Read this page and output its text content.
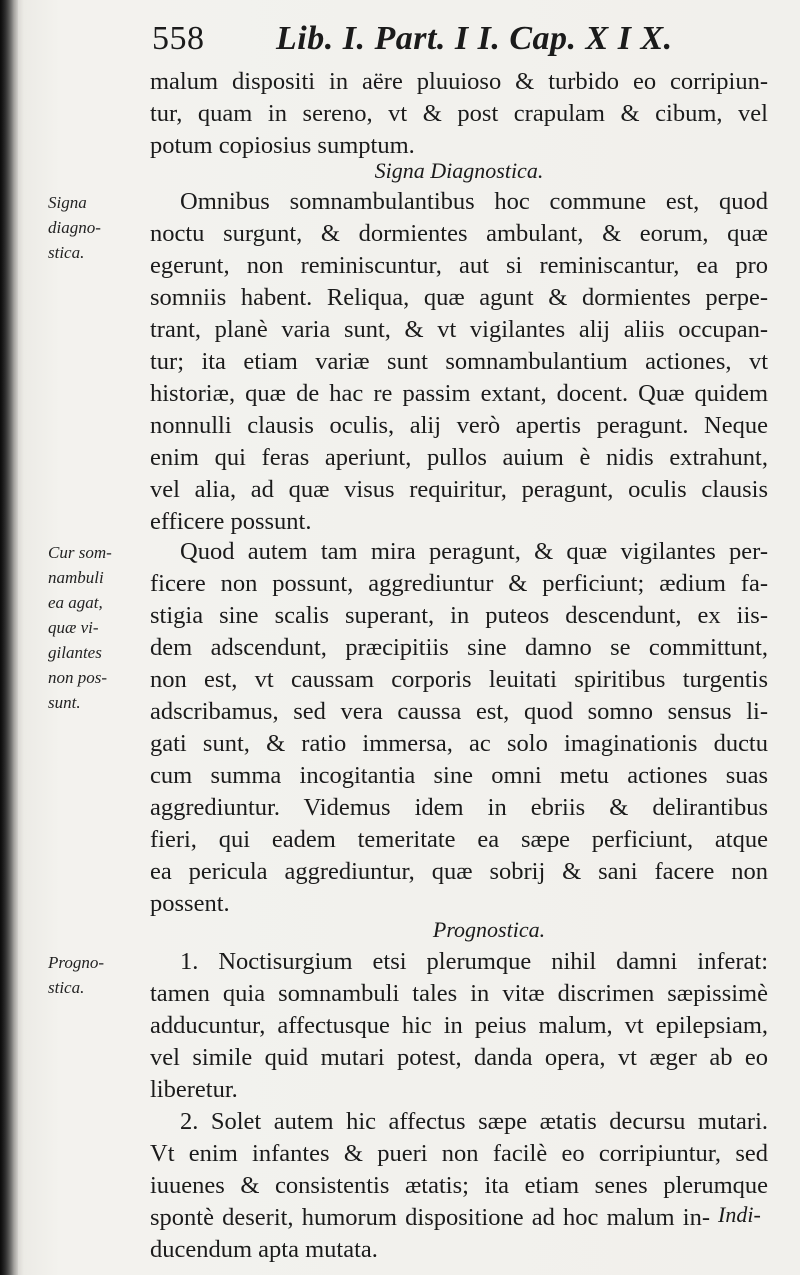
558 Lib. I. Part. I I. Cap. X I X.
malum dispositi in aëre pluuioso & turbido eo corripiun-
tur, quam in sereno, vt & post crapulam & cibum, vel
potum copiosius sumptum.
Signa Diagnostica.
Omnibus somnambulantibus hoc commune est, quod
noctu surgunt, & dormientes ambulant, & eorum, quæ
egerunt, non reminiscuntur, aut si reminiscantur, ea pro
somniis habent. Reliqua, quæ agunt & dormientes perpe-
trant, planè varia sunt, & vt vigilantes alij aliis occupan-
tur; ita etiam variæ sunt somnambulantium actiones, vt
historiæ, quæ de hac re passim extant, docent. Quæ quidem
nonnulli clausis oculis, alij verò apertis peragunt. Neque
enim qui feras aperiunt, pullos auium è nidis extrahunt,
vel alia, ad quæ visus requiritur, peragunt, oculis clausis
efficere possunt.
Quod autem tam mira peragunt, & quæ vigilantes per-
ficere non possunt, aggrediuntur & perficiunt; ædium fa-
stigia sine scalis superant, in puteos descendunt, ex iis-
dem adscendunt, præcipitiis sine damno se committunt,
non est, vt caussam corporis leuitati spiritibus turgentis
adscribamus, sed vera caussa est, quod somno sensus li-
gati sunt, & ratio immersa, ac solo imaginationis ductu
cum summa incogitantia sine omni metu actiones suas
aggrediuntur. Videmus idem in ebriis & delirantibus
fieri, qui eadem temeritate ea sæpe perficiunt, atque
ea pericula aggrediuntur, quæ sobrij & sani facere non
possent.
Prognostica.
1. Noctisurgium etsi plerumque nihil damni inferat:
tamen quia somnambuli tales in vitæ discrimen sæpissimè
adducuntur, affectusque hic in peius malum, vt epilepsiam,
vel simile quid mutari potest, danda opera, vt æger ab eo
liberetur.
2. Solet autem hic affectus sæpe ætatis decursu mutari.
Vt enim infantes & pueri non facilè eo corripiuntur, sed
iuuenes & consistentis ætatis; ita etiam senes plerumque
spontè deserit, humorum dispositione ad hoc malum in-
ducendum apta mutata.
Signa
diagno-
stica.
Cur som-
nambuli
ea agat,
quæ vi-
gilantes
non pos-
sunt.
Progno-
stica.
Indi-
